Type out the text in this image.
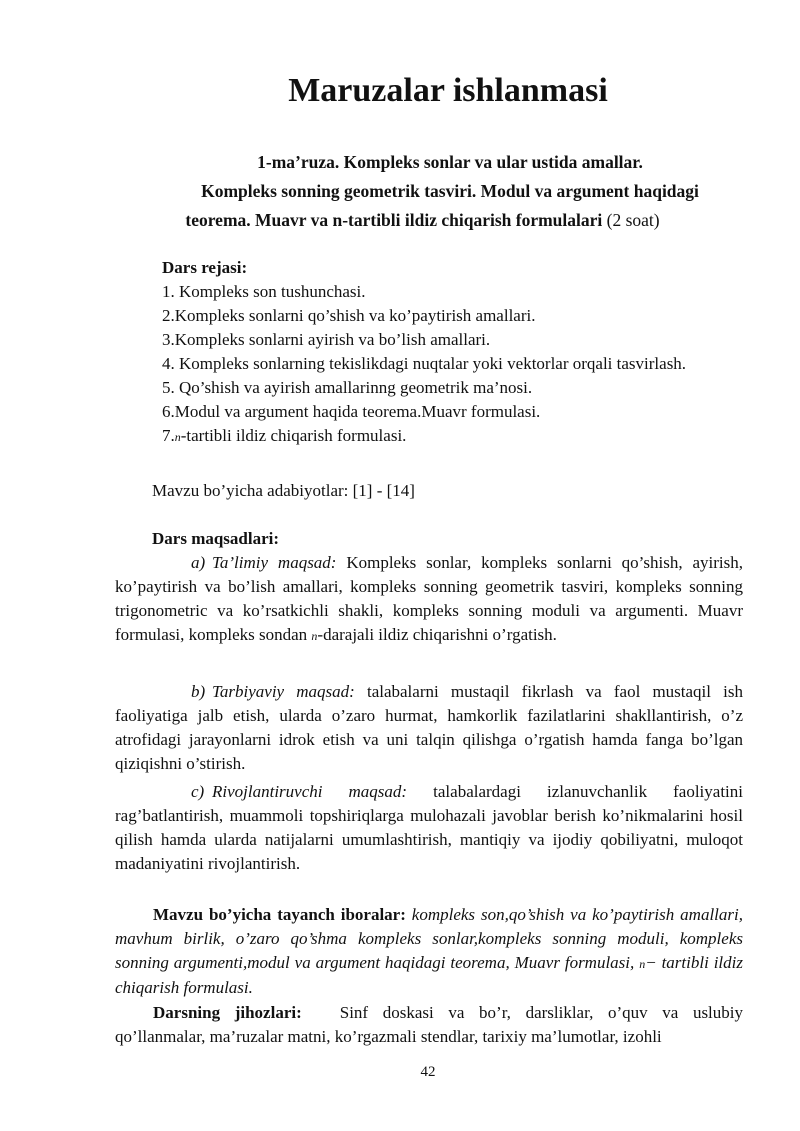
Maruzalar ishlanmasi
1-ma’ruza. Kompleks sonlar va ular ustida amallar.
Kompleks sonning geometrik tasviri. Modul va argument haqidagi
teorema. Muavr va n-tartibli ildiz chiqarish formulalari (2 soat)
Dars rejasi:
1. Kompleks son tushunchasi.
2.Kompleks sonlarni qo’shish va ko’paytirish amallari.
3.Kompleks sonlarni ayirish va bo’lish amallari.
4. Kompleks sonlarning tekislikdagi nuqtalar yoki vektorlar orqali tasvirlash.
5. Qo’shish va ayirish amallarinng geometrik ma’nosi.
6.Modul va argument haqida teorema.Muavr formulasi.
7.n-tartibli ildiz chiqarish formulasi.
Mavzu bo’yicha adabiyotlar: [1] - [14]
Dars maqsadlari:
a) Ta’limiy maqsad: Kompleks sonlar, kompleks sonlarni qo’shish, ayirish, ko’paytirish va bo’lish amallari, kompleks sonning geometrik tasviri, kompleks sonning trigonometric va ko’rsatkichli shakli, kompleks sonning moduli va argumenti. Muavr formulasi, kompleks sondan n-darajali ildiz chiqarishni o’rgatish.
b) Tarbiyaviy maqsad: talabalarni mustaqil fikrlash va faol mustaqil ish faoliyatiga jalb etish, ularda o’zaro hurmat, hamkorlik fazilatlarini shakllantirish, o’z atrofidagi jarayonlarni idrok etish va uni talqin qilishga o’rgatish hamda fanga bo’lgan qiziqishni o’stirish.
c) Rivojlantiruvchi maqsad: talabalardagi izlanuvchanlik faoliyatini rag’batlantirish, muammoli topshiriqlarga mulohazali javoblar berish ko’nikmalarini hosil qilish hamda ularda natijalarni umumlashtirish, mantiqiy va ijodiy qobiliyatni, muloqot madaniyatini rivojlantirish.
Mavzu bo’yicha tayanch iboralar: kompleks son,qo’shish va ko’paytirish amallari, mavhum birlik, o’zaro qo’shma kompleks sonlar,kompleks sonning moduli, kompleks sonning argumenti,modul va argument haqidagi teorema, Muavr formulasi, n− tartibli ildiz chiqarish formulasi.
Darsning jihozlari: Sinf doskasi va bo’r, darsliklar, o’quv va uslubiy qo’llanmalar, ma’ruzalar matni, ko’rgazmali stendlar, tarixiy ma’lumotlar, izohli
42
